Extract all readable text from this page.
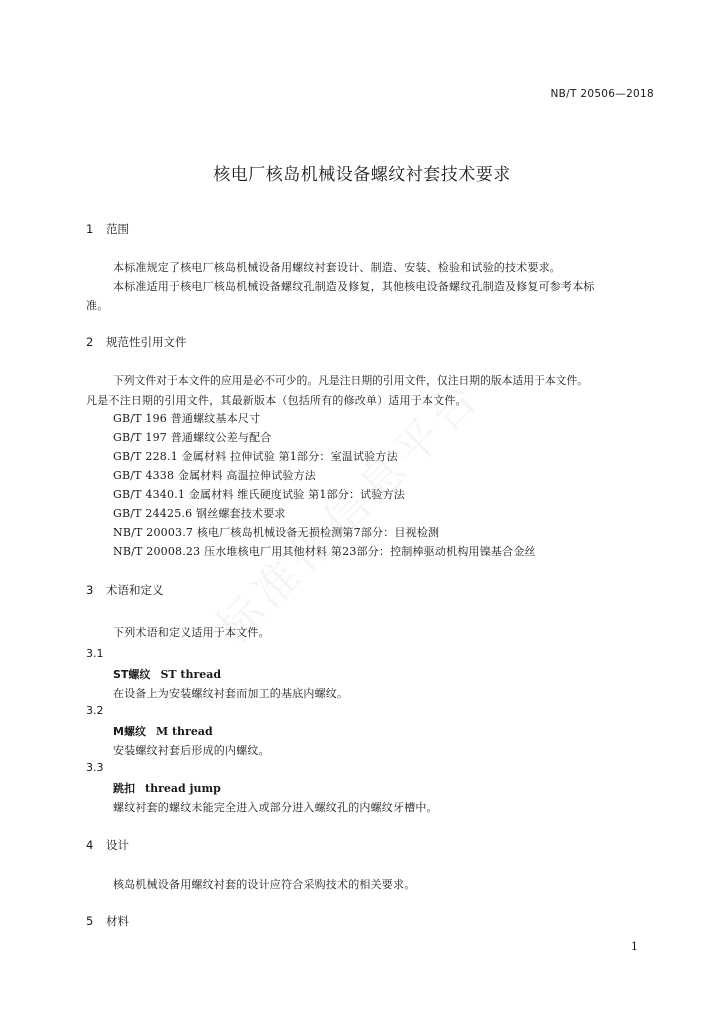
NB/T 20506—2018
核电厂核岛机械设备螺纹衬套技术要求
1 范围
本标准规定了核电厂核岛机械设备用螺纹衬套设计、制造、安装、检验和试验的技术要求。
本标准适用于核电厂核岛机械设备螺纹孔制造及修复，其他核电设备螺纹孔制造及修复可参考本标
准。
2 规范性引用文件
下列文件对于本文件的应用是必不可少的。凡是注日期的引用文件，仅注日期的版本适用于本文件。
凡是不注日期的引用文件，其最新版本（包括所有的修改单）适用于本文件。
GB/T 196 普通螺纹基本尺寸
GB/T 197 普通螺纹公差与配合
GB/T 228.1 金属材料 拉伸试验 第1部分：室温试验方法
GB/T 4338 金属材料 高温拉伸试验方法
GB/T 4340.1 金属材料 维氏硬度试验 第1部分：试验方法
GB/T 24425.6 钢丝螺套技术要求
NB/T 20003.7 核电厂核岛机械设备无损检测第7部分：目视检测
NB/T 20008.23 压水堆核电厂用其他材料 第23部分：控制棒驱动机构用镍基合金丝
3 术语和定义
下列术语和定义适用于本文件。
3.1
ST螺纹 ST thread
在设备上为安装螺纹衬套而加工的基底内螺纹。
3.2
M螺纹 M thread
安装螺纹衬套后形成的内螺纹。
3.3
跳扣 thread jump
螺纹衬套的螺纹未能完全进入或部分进入螺纹孔的内螺纹牙槽中。
4 设计
核岛机械设备用螺纹衬套的设计应符合采购技术的相关要求。
5 材料
1
